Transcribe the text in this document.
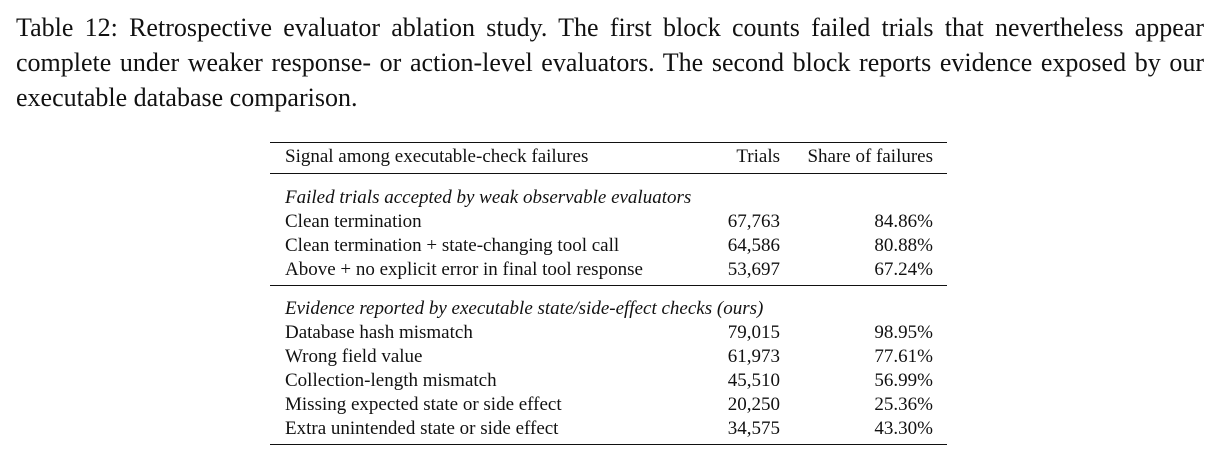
Table 12: Retrospective evaluator ablation study. The first block counts failed trials that nevertheless appear complete under weaker response- or action-level evaluators. The second block reports evidence exposed by our executable database comparison.

Signal among executable-check failures	Trials	Share of failures

Failed trials accepted by weak observable evaluators		
Clean termination	67,763	84.86%
Clean termination + state-changing tool call	64,586	80.88%
Above + no explicit error in final tool response	53,697	67.24%

Evidence reported by executable state/side-effect checks (ours)		
Database hash mismatch	79,015	98.95%
Wrong field value	61,973	77.61%
Collection-length mismatch	45,510	56.99%
Missing expected state or side effect	20,250	25.36%
Extra unintended state or side effect	34,575	43.30%
